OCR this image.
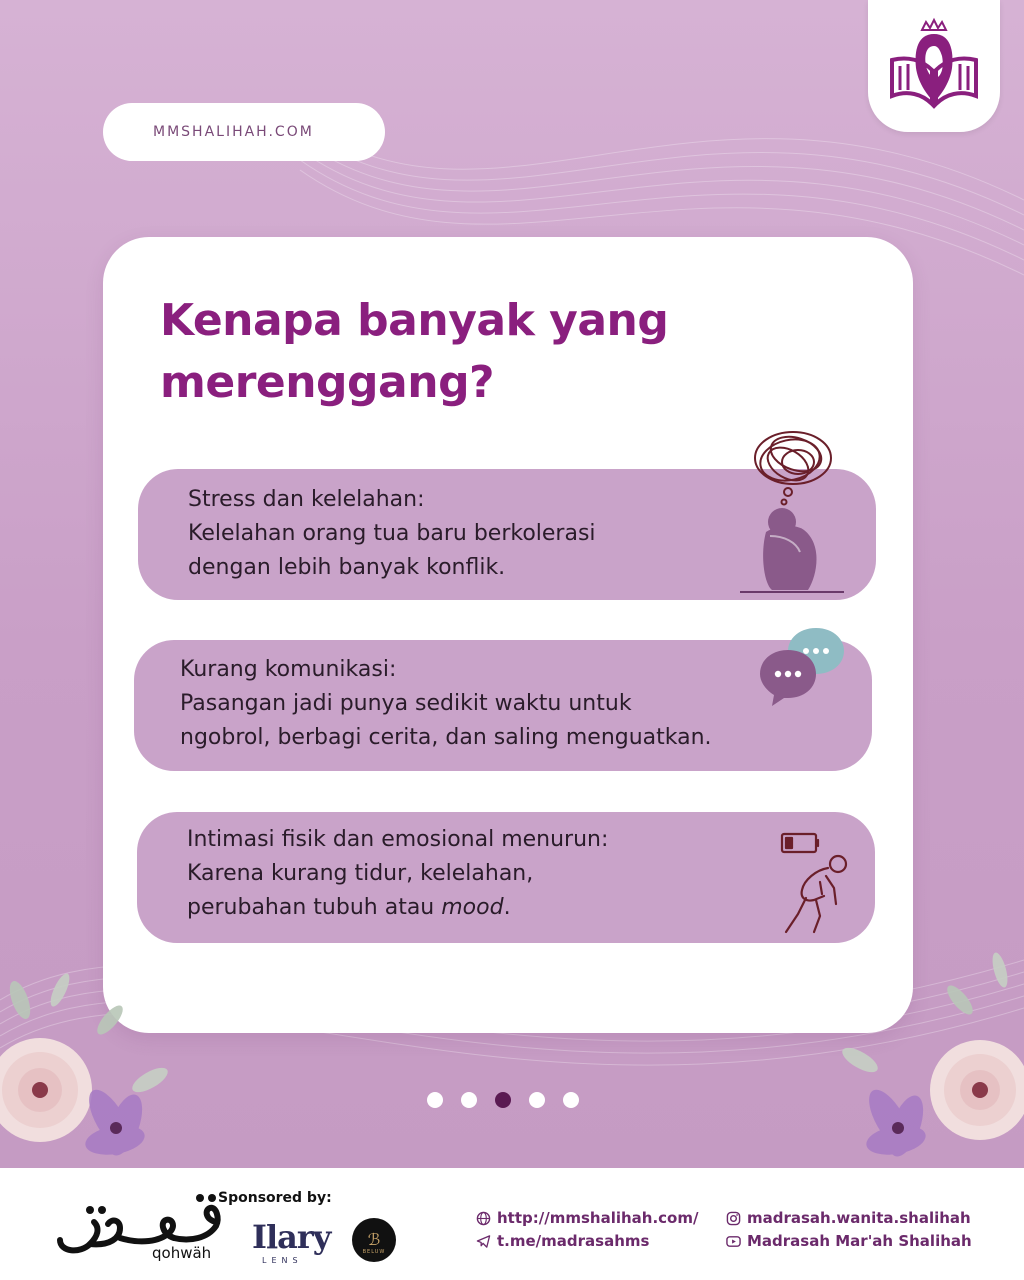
MMSHALIHAH.COM
Kenapa banyak yang
merenggang?
Stress dan kelelahan:
Kelelahan orang tua baru berkolerasi
dengan lebih banyak konflik.
Kurang komunikasi:
Pasangan jadi punya sedikit waktu untuk
ngobrol, berbagi cerita, dan saling menguatkan.
Intimasi fisik dan emosional menurun:
Karena kurang tidur, kelelahan,
perubahan tubuh atau mood.
qohwäh
Sponsored by:
Ilary
LENS
ℬ
BELUW
http://mmshalihah.com/
t.me/madrasahms
madrasah.wanita.shalihah
Madrasah Mar'ah Shalihah
